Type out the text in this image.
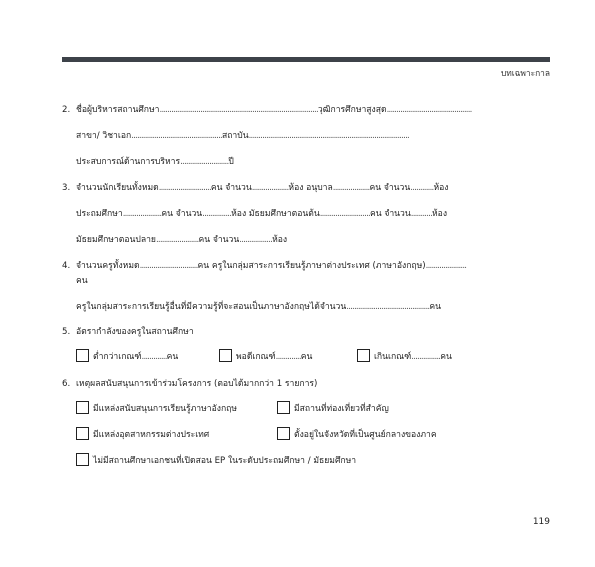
บทเฉพาะกาล
2. ชื่อผู้บริหารสถานศึกษา..................................................................................วุฒิการศึกษาสูงสุด............................................
สาขา/ วิชาเอก...............................................สถาบัน...................................................................................
ประสบการณ์ด้านการบริหาร.........................ปี
3. จำนวนนักเรียนทั้งหมด...........................คน จำนวน...................ห้อง อนุบาล...................คน จำนวน............ห้อง
ประถมศึกษา....................คน จำนวน...............ห้อง มัธยมศึกษาตอนต้น..........................คน จำนวน...........ห้อง
มัธยมศึกษาตอนปลาย......................คน จำนวน.................ห้อง
4. จำนวนครูทั้งหมด..............................คน ครูในกลุ่มสาระการเรียนรู้ภาษาต่างประเทศ (ภาษาอังกฤษ).....................
คน
ครูในกลุ่มสาระการเรียนรู้อื่นที่มีความรู้ที่จะสอนเป็นภาษาอังกฤษได้จำนวน...........................................คน
5. อัตรากำลังของครูในสถานศึกษา
ต่ำกว่าเกณฑ์.............คน	พอดีเกณฑ์.............คน	เกินเกณฑ์...............คน
6. เหตุผลสนับสนุนการเข้าร่วมโครงการ (ตอบได้มากกว่า 1 รายการ)
มีแหล่งสนับสนุนการเรียนรู้ภาษาอังกฤษ	มีสถานที่ท่องเที่ยวที่สำคัญ
มีแหล่งอุตสาหกรรมต่างประเทศ	ตั้งอยู่ในจังหวัดที่เป็นศูนย์กลางของภาค
ไม่มีสถานศึกษาเอกชนที่เปิดสอน EP ในระดับประถมศึกษา / มัธยมศึกษา
119
